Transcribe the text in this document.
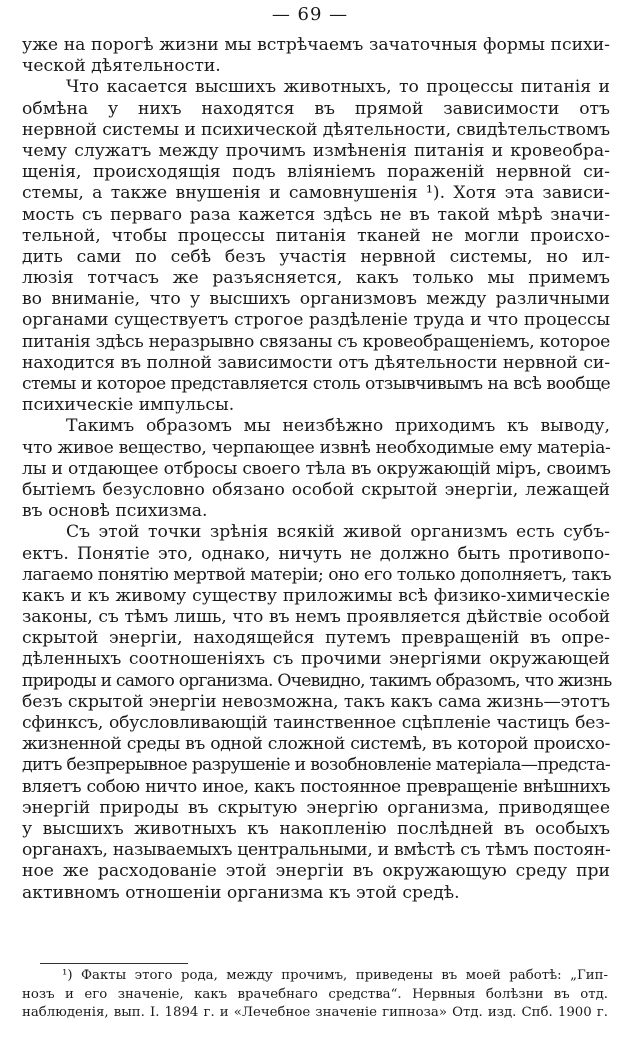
— 69 —
уже на порогѣ жизни мы встрѣчаемъ зачаточныя формы психи-
ческой дѣятельности.
Что касается высшихъ животныхъ, то процессы питанія и
обмѣна у нихъ находятся въ прямой зависимости отъ
нервной системы и психической дѣятельности, свидѣтельствомъ
чему служатъ между прочимъ измѣненія питанія и кровеобра-
щенія, происходящія подъ вліяніемъ пораженій нервной си-
стемы, а также внушенія и самовнушенія ¹). Хотя эта зависи-
мость съ перваго раза кажется здѣсь не въ такой мѣрѣ значи-
тельной, чтобы процессы питанія тканей не могли происхо-
дить сами по себѣ безъ участія нервной системы, но ил-
люзія тотчасъ же разъясняется, какъ только мы примемъ
во вниманіе, что у высшихъ организмовъ между различными
органами существуетъ строгое раздѣленіе труда и что процессы
питанія здѣсь неразрывно связаны съ кровеобращеніемъ, которое
находится въ полной зависимости отъ дѣятельности нервной си-
стемы и которое представляется столь отзывчивымъ на всѣ вообще
психическіе импульсы.
Такимъ образомъ мы неизбѣжно приходимъ къ выводу,
что живое вещество, черпающее извнѣ необходимые ему матеріа-
лы и отдающее отбросы своего тѣла въ окружающій міръ, своимъ
бытіемъ безусловно обязано особой скрытой энергіи, лежащей
въ основѣ психизма.
Съ этой точки зрѣнія всякій живой организмъ есть субъ-
ектъ. Понятіе это, однако, ничуть не должно быть противопо-
лагаемо понятію мертвой матеріи; оно его только дополняетъ, такъ
какъ и къ живому существу приложимы всѣ физико-химическіе
законы, съ тѣмъ лишь, что въ немъ проявляется дѣйствіе особой
скрытой энергіи, находящейся путемъ превращеній въ опре-
дѣленныхъ соотношеніяхъ съ прочими энергіями окружающей
природы и самого организма. Очевидно, такимъ образомъ, что жизнь
безъ скрытой энергіи невозможна, такъ какъ сама жизнь—этотъ
сфинксъ, обусловливающій таинственное сцѣпленіе частицъ без-
жизненной среды въ одной сложной системѣ, въ которой происхо-
дитъ безпрерывное разрушеніе и возобновленіе матеріала—предста-
вляетъ собою ничто иное, какъ постоянное превращеніе внѣшнихъ
энергій природы въ скрытую энергію организма, приводящее
у высшихъ животныхъ къ накопленію послѣдней въ особыхъ
органахъ, называемыхъ центральными, и вмѣстѣ съ тѣмъ постоян-
ное же расходованіе этой энергіи въ окружающую среду при
активномъ отношеніи организма къ этой средѣ.
¹) Факты этого рода, между прочимъ, приведены въ моей работѣ: „Гип-
нозъ и его значеніе, какъ врачебнаго средства“. Нервныя болѣзни въ отд.
наблюденія, вып. I. 1894 г. и «Лечебное значеніе гипноза» Отд. изд. Спб. 1900 г.
